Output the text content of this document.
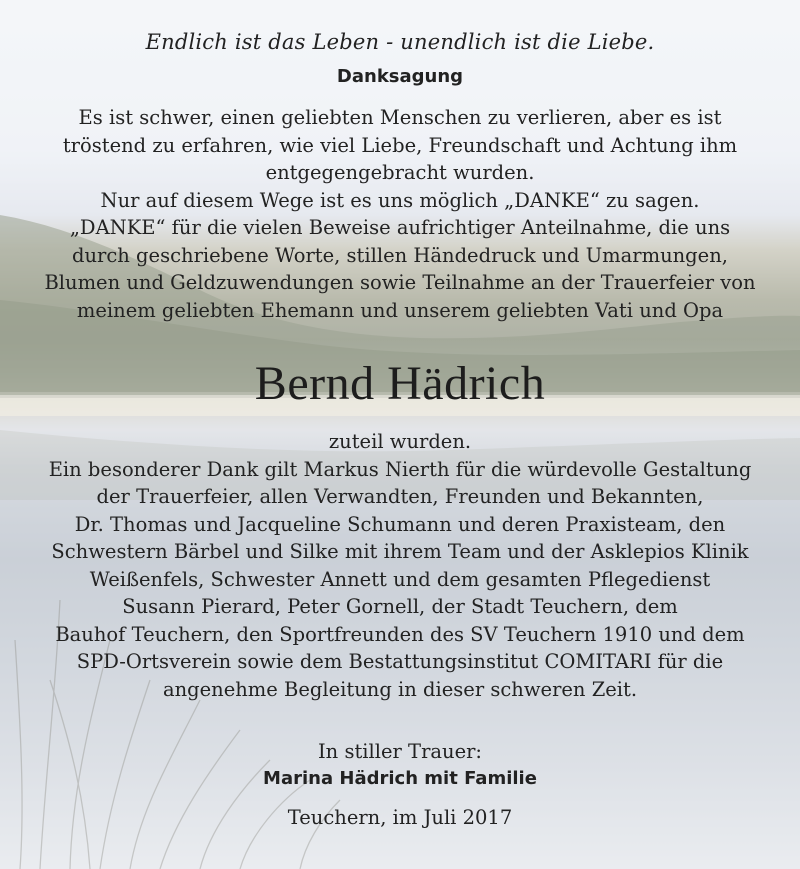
Endlich ist das Leben - unendlich ist die Liebe.

Danksagung

Es ist schwer, einen geliebten Menschen zu verlieren, aber es ist
tröstend zu erfahren, wie viel Liebe, Freundschaft und Achtung ihm
entgegengebracht wurden.
Nur auf diesem Wege ist es uns möglich „DANKE“ zu sagen.
„DANKE“ für die vielen Beweise aufrichtiger Anteilnahme, die uns
durch geschriebene Worte, stillen Händedruck und Umarmungen,
Blumen und Geldzuwendungen sowie Teilnahme an der Trauerfeier von
meinem geliebten Ehemann und unserem geliebten Vati und Opa

Bernd Hädrich

zuteil wurden.
Ein besonderer Dank gilt Markus Nierth für die würdevolle Gestaltung
der Trauerfeier, allen Verwandten, Freunden und Bekannten,
Dr. Thomas und Jacqueline Schumann und deren Praxisteam, den
Schwestern Bärbel und Silke mit ihrem Team und der Asklepios Klinik
Weißenfels, Schwester Annett und dem gesamten Pflegedienst
Susann Pierard, Peter Gornell, der Stadt Teuchern, dem
Bauhof Teuchern, den Sportfreunden des SV Teuchern 1910 und dem
SPD-Ortsverein sowie dem Bestattungsinstitut COMITARI für die
angenehme Begleitung in dieser schweren Zeit.
In stiller Trauer:
Marina Hädrich mit Familie

Teuchern, im Juli 2017
